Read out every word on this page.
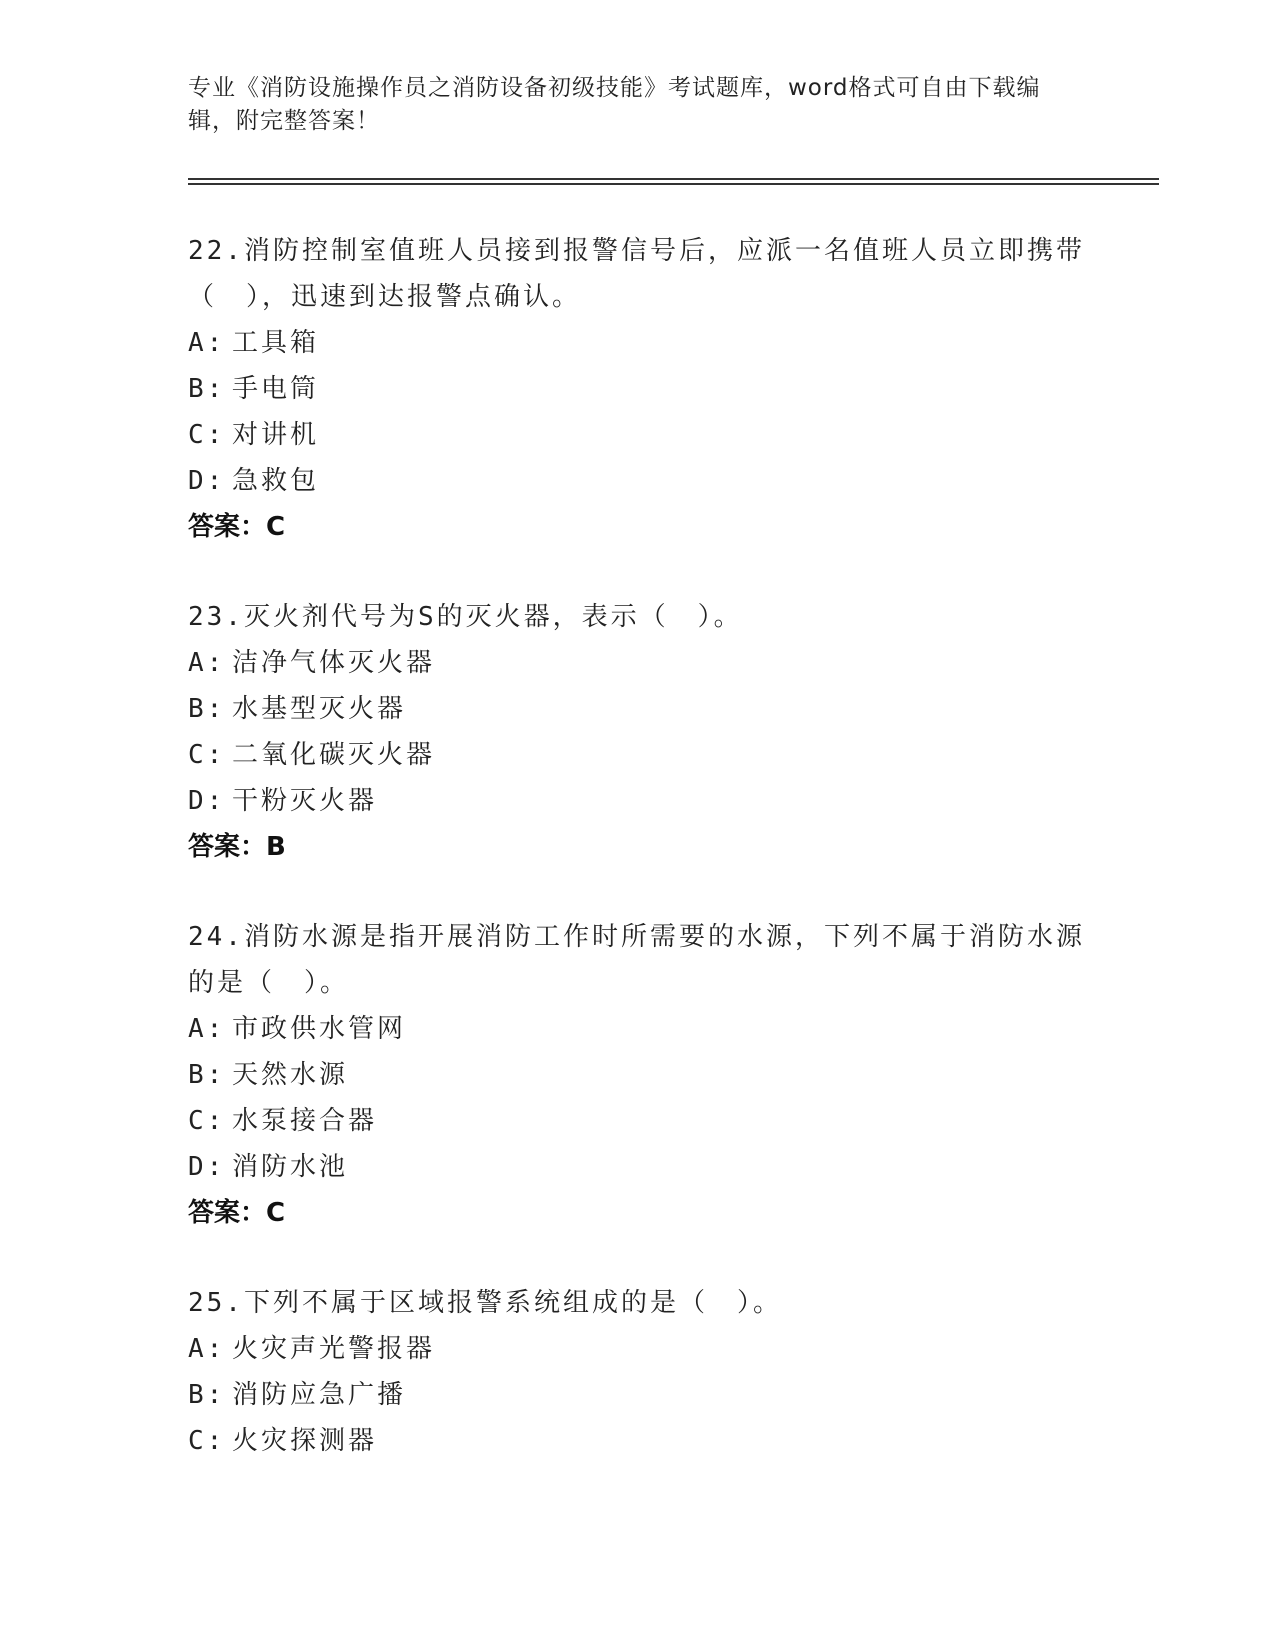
专业《消防设施操作员之消防设备初级技能》考试题库，word格式可自由下载编辑，附完整答案！
22.消防控制室值班人员接到报警信号后，应派一名值班人员立即携带（　），迅速到达报警点确认。
A: 工具箱
B: 手电筒
C: 对讲机
D: 急救包
答案：C
23.灭火剂代号为S的灭火器，表示（　）。
A: 洁净气体灭火器
B: 水基型灭火器
C: 二氧化碳灭火器
D: 干粉灭火器
答案：B
24.消防水源是指开展消防工作时所需要的水源，下列不属于消防水源的是（　）。
A: 市政供水管网
B: 天然水源
C: 水泵接合器
D: 消防水池
答案：C
25.下列不属于区域报警系统组成的是（　）。
A: 火灾声光警报器
B: 消防应急广播
C: 火灾探测器
